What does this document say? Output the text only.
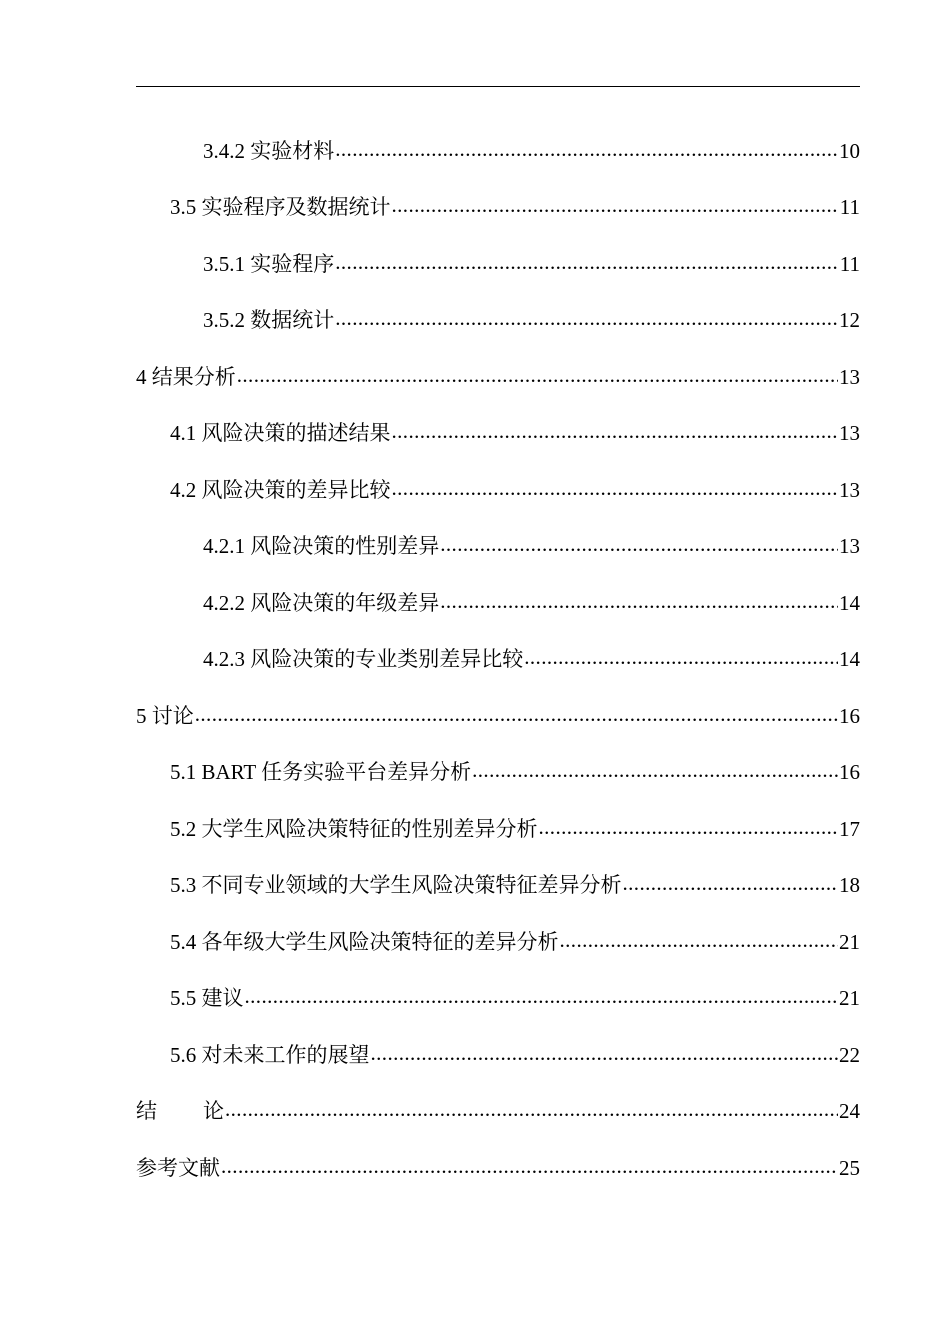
3.4.2 实验材料 .....	10
3.5 实验程序及数据统计 .....	11
3.5.1 实验程序 .....	11
3.5.2 数据统计 .....	12
4 结果分析 .....	13
4.1 风险决策的描述结果 .....	13
4.2 风险决策的差异比较 .....	13
4.2.1 风险决策的性别差异 .....	13
4.2.2 风险决策的年级差异 .....	14
4.2.3 风险决策的专业类别差异比较 .....	14
5 讨论 .....	16
5.1 BART 任务实验平台差异分析 .....	16
5.2 大学生风险决策特征的性别差异分析 .....	17
5.3 不同专业领域的大学生风险决策特征差异分析 .....	18
5.4 各年级大学生风险决策特征的差异分析 .....	21
5.5 建议 .....	21
5.6 对未来工作的展望 .....	22
结 论 .....	24
参考文献 .....	25
